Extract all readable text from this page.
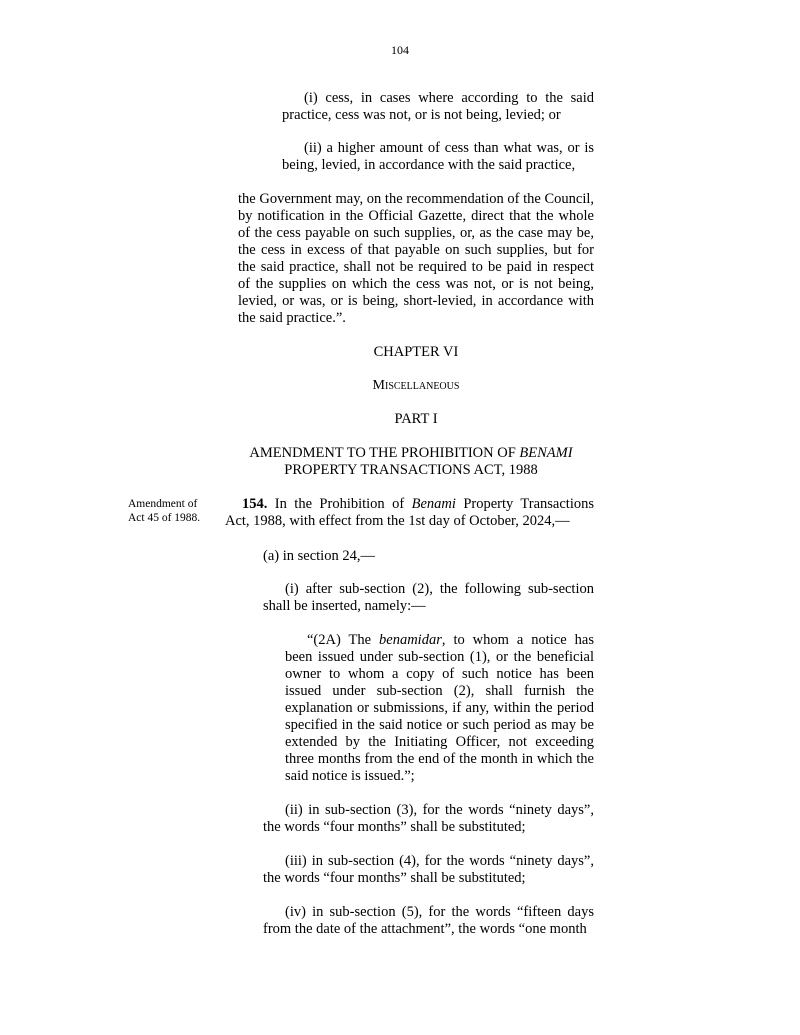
104
(i) cess, in cases where according to the said practice, cess was not, or is not being, levied; or
(ii) a higher amount of cess than what was, or is being, levied, in accordance with the said practice,
the Government may, on the recommendation of the Council, by notification in the Official Gazette, direct that the whole of the cess payable on such supplies, or, as the case may be, the cess in excess of that payable on such supplies, but for the said practice, shall not be required to be paid in respect of the supplies on which the cess was not, or is not being, levied, or was, or is being, short-levied, in accordance with the said practice.”.
CHAPTER VI
Miscellaneous
PART I
AMENDMENT TO THE PROHIBITION OF BENAMI
PROPERTY TRANSACTIONS ACT, 1988
Amendment of
Act 45 of 1988.
154. In the Prohibition of Benami Property Transactions Act, 1988, with effect from the 1st day of October, 2024,—
(a) in section 24,—
(i) after sub-section (2), the following sub-section shall be inserted, namely:—
“(2A) The benamidar, to whom a notice has been issued under sub-section (1), or the beneficial owner to whom a copy of such notice has been issued under sub-section (2), shall furnish the explanation or submissions, if any, within the period specified in the said notice or such period as may be extended by the Initiating Officer, not exceeding three months from the end of the month in which the said notice is issued.”;
(ii) in sub-section (3), for the words “ninety days”, the words “four months” shall be substituted;
(iii) in sub-section (4), for the words “ninety days”, the words “four months” shall be substituted;
(iv) in sub-section (5), for the words “fifteen days from the date of the attachment”, the words “one month
